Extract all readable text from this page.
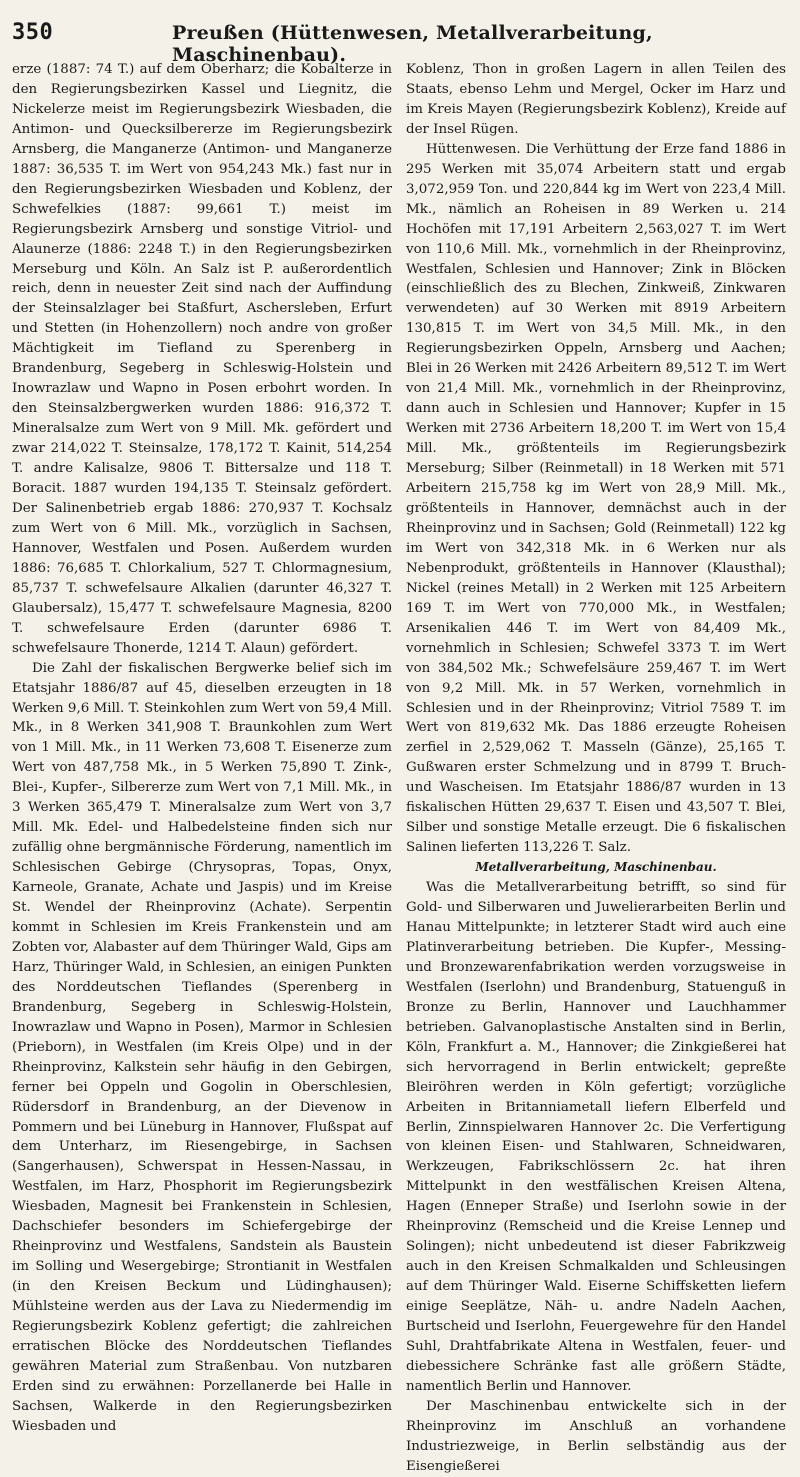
350	Preußen (Hüttenwesen, Metallverarbeitung, Maschinenbau).

erze (1887: 74 T.) auf dem Oberharz; die Kobalterze in den Regierungsbezirken Kassel und Liegnitz, die Nickelerze meist im Regierungsbezirk Wiesbaden, die Antimon- und Quecksilbererze im Regierungsbezirk Arnsberg, die Manganerze (Antimon- und Manganerze 1887: 36,535 T. im Wert von 954,243 Mk.) fast nur in den Regierungsbezirken Wiesbaden und Koblenz, der Schwefelkies (1887: 99,661 T.) meist im Regierungsbezirk Arnsberg und sonstige Vitriol- und Alaunerze (1886: 2248 T.) in den Regierungsbezirken Merseburg und Köln. An Salz ist P. außerordentlich reich, denn in neuester Zeit sind nach der Auffindung der Steinsalzlager bei Staßfurt, Aschersleben, Erfurt und Stetten (in Hohenzollern) noch andre von großer Mächtigkeit im Tiefland zu Sperenberg in Brandenburg, Segeberg in Schleswig-Holstein und Inowrazlaw und Wapno in Posen erbohrt worden. In den Steinsalzbergwerken wurden 1886: 916,372 T. Mineralsalze zum Wert von 9 Mill. Mk. gefördert und zwar 214,022 T. Steinsalze, 178,172 T. Kainit, 514,254 T. andre Kalisalze, 9806 T. Bittersalze und 118 T. Boracit. 1887 wurden 194,135 T. Steinsalz gefördert. Der Salinenbetrieb ergab 1886: 270,937 T. Kochsalz zum Wert von 6 Mill. Mk., vorzüglich in Sachsen, Hannover, Westfalen und Posen. Außerdem wurden 1886: 76,685 T. Chlorkalium, 527 T. Chlormagnesium, 85,737 T. schwefelsaure Alkalien (darunter 46,327 T. Glaubersalz), 15,477 T. schwefelsaure Magnesia, 8200 T. schwefelsaure Erden (darunter 6986 T. schwefelsaure Thonerde, 1214 T. Alaun) gefördert.

Die Zahl der fiskalischen Bergwerke belief sich im Etatsjahr 1886/87 auf 45, dieselben erzeugten in 18 Werken 9,6 Mill. T. Steinkohlen zum Wert von 59,4 Mill. Mk., in 8 Werken 341,908 T. Braunkohlen zum Wert von 1 Mill. Mk., in 11 Werken 73,608 T. Eisenerze zum Wert von 487,758 Mk., in 5 Werken 75,890 T. Zink-, Blei-, Kupfer-, Silbererze zum Wert von 7,1 Mill. Mk., in 3 Werken 365,479 T. Mineralsalze zum Wert von 3,7 Mill. Mk. Edel- und Halbedelsteine finden sich nur zufällig ohne bergmännische Förderung, namentlich im Schlesischen Gebirge (Chrysopras, Topas, Onyx, Karneole, Granate, Achate und Jaspis) und im Kreise St. Wendel der Rheinprovinz (Achate). Serpentin kommt in Schlesien im Kreis Frankenstein und am Zobten vor, Alabaster auf dem Thüringer Wald, Gips am Harz, Thüringer Wald, in Schlesien, an einigen Punkten des Norddeutschen Tieflandes (Sperenberg in Brandenburg, Segeberg in Schleswig-Holstein, Inowrazlaw und Wapno in Posen), Marmor in Schlesien (Prieborn), in Westfalen (im Kreis Olpe) und in der Rheinprovinz, Kalkstein sehr häufig in den Gebirgen, ferner bei Oppeln und Gogolin in Oberschlesien, Rüdersdorf in Brandenburg, an der Dievenow in Pommern und bei Lüneburg in Hannover, Flußspat auf dem Unterharz, im Riesengebirge, in Sachsen (Sangerhausen), Schwerspat in Hessen-Nassau, in Westfalen, im Harz, Phosphorit im Regierungsbezirk Wiesbaden, Magnesit bei Frankenstein in Schlesien, Dachschiefer besonders im Schiefergebirge der Rheinprovinz und Westfalens, Sandstein als Baustein im Solling und Wesergebirge; Strontianit in Westfalen (in den Kreisen Beckum und Lüdinghausen); Mühlsteine werden aus der Lava zu Niedermendig im Regierungsbezirk Koblenz gefertigt; die zahlreichen erratischen Blöcke des Norddeutschen Tieflandes gewähren Material zum Straßenbau. Von nutzbaren Erden sind zu erwähnen: Porzellanerde bei Halle in Sachsen, Walkerde in den Regierungsbezirken Wiesbaden und

Koblenz, Thon in großen Lagern in allen Teilen des Staats, ebenso Lehm und Mergel, Ocker im Harz und im Kreis Mayen (Regierungsbezirk Koblenz), Kreide auf der Insel Rügen.

Hüttenwesen. Die Verhüttung der Erze fand 1886 in 295 Werken mit 35,074 Arbeitern statt und ergab 3,072,959 Ton. und 220,844 kg im Wert von 223,4 Mill. Mk., nämlich an Roheisen in 89 Werken u. 214 Hochöfen mit 17,191 Arbeitern 2,563,027 T. im Wert von 110,6 Mill. Mk., vornehmlich in der Rheinprovinz, Westfalen, Schlesien und Hannover; Zink in Blöcken (einschließlich des zu Blechen, Zinkweiß, Zinkwaren verwendeten) auf 30 Werken mit 8919 Arbeitern 130,815 T. im Wert von 34,5 Mill. Mk., in den Regierungsbezirken Oppeln, Arnsberg und Aachen; Blei in 26 Werken mit 2426 Arbeitern 89,512 T. im Wert von 21,4 Mill. Mk., vornehmlich in der Rheinprovinz, dann auch in Schlesien und Hannover; Kupfer in 15 Werken mit 2736 Arbeitern 18,200 T. im Wert von 15,4 Mill. Mk., größtenteils im Regierungsbezirk Merseburg; Silber (Reinmetall) in 18 Werken mit 571 Arbeitern 215,758 kg im Wert von 28,9 Mill. Mk., größtenteils in Hannover, demnächst auch in der Rheinprovinz und in Sachsen; Gold (Reinmetall) 122 kg im Wert von 342,318 Mk. in 6 Werken nur als Nebenprodukt, größtenteils in Hannover (Klausthal); Nickel (reines Metall) in 2 Werken mit 125 Arbeitern 169 T. im Wert von 770,000 Mk., in Westfalen; Arsenikalien 446 T. im Wert von 84,409 Mk., vornehmlich in Schlesien; Schwefel 3373 T. im Wert von 384,502 Mk.; Schwefelsäure 259,467 T. im Wert von 9,2 Mill. Mk. in 57 Werken, vornehmlich in Schlesien und in der Rheinprovinz; Vitriol 7589 T. im Wert von 819,632 Mk. Das 1886 erzeugte Roheisen zerfiel in 2,529,062 T. Masseln (Gänze), 25,165 T. Gußwaren erster Schmelzung und in 8799 T. Bruch- und Wascheisen. Im Etatsjahr 1886/87 wurden in 13 fiskalischen Hütten 29,637 T. Eisen und 43,507 T. Blei, Silber und sonstige Metalle erzeugt. Die 6 fiskalischen Salinen lieferten 113,226 T. Salz.

Metallverarbeitung, Maschinenbau.

Was die Metallverarbeitung betrifft, so sind für Gold- und Silberwaren und Juwelierarbeiten Berlin und Hanau Mittelpunkte; in letzterer Stadt wird auch eine Platinverarbeitung betrieben. Die Kupfer-, Messing- und Bronzewarenfabrikation werden vorzugsweise in Westfalen (Iserlohn) und Brandenburg, Statuenguß in Bronze zu Berlin, Hannover und Lauchhammer betrieben. Galvanoplastische Anstalten sind in Berlin, Köln, Frankfurt a. M., Hannover; die Zinkgießerei hat sich hervorragend in Berlin entwickelt; gepreßte Bleiröhren werden in Köln gefertigt; vorzügliche Arbeiten in Britanniametall liefern Elberfeld und Berlin, Zinnspielwaren Hannover 2c. Die Verfertigung von kleinen Eisen- und Stahlwaren, Schneidwaren, Werkzeugen, Fabrikschlössern 2c. hat ihren Mittelpunkt in den westfälischen Kreisen Altena, Hagen (Enneper Straße) und Iserlohn sowie in der Rheinprovinz (Remscheid und die Kreise Lennep und Solingen); nicht unbedeutend ist dieser Fabrikzweig auch in den Kreisen Schmalkalden und Schleusingen auf dem Thüringer Wald. Eiserne Schiffsketten liefern einige Seeplätze, Näh- u. andre Nadeln Aachen, Burtscheid und Iserlohn, Feuergewehre für den Handel Suhl, Drahtfabrikate Altena in Westfalen, feuer- und diebessichere Schränke fast alle größern Städte, namentlich Berlin und Hannover.

Der Maschinenbau entwickelte sich in der Rheinprovinz im Anschluß an vorhandene Industriezweige, in Berlin selbständig aus der Eisengießerei
